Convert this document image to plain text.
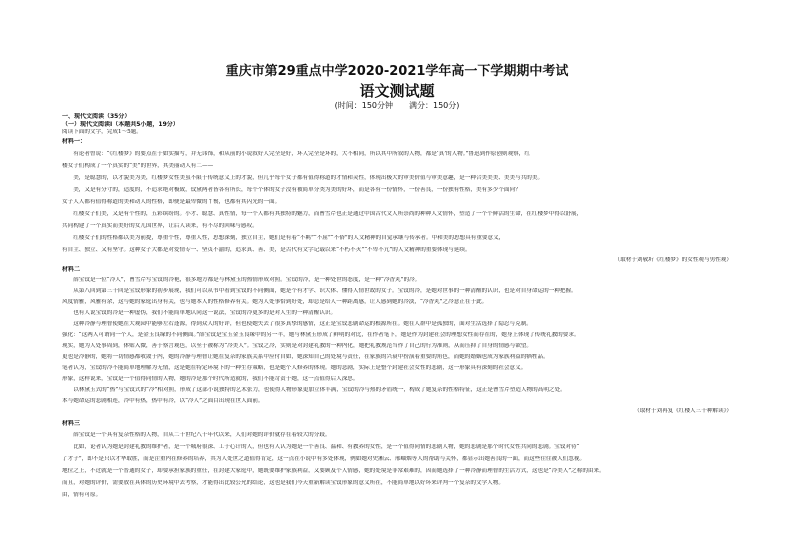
重庆市第29重点中学2020-2021学年高一下学期期中考试
语文测试题
(时间：150分钟　　满分：150分)
一、现代文阅读（35分）
（一）现代文阅读Ⅰ（本题共5小题，19分）
阅读下面的文字，完成1～5题。
材料一：
　　有论者曾说：“《红楼梦》的要点在于如实描写，并无讳饰，和从前的小说叙好人完全是好，坏人完全是坏的，大不相同，所以其中所叙的人物，都是‘真’的人物。”鲁迅到作原创则观察，红
楼女子们构成了一个真实的“美”的世界，其美丽动人有二——
　　美，是聪慧的，以才貌美为美，红楼梦女性美虽不限于传统意义上的才貌，但几乎每个女子都有值得称道的才情和灵性，体现出极大的审美价值与审美意趣，是一种合美美美、美美与共的美。
　　美，又是有分寸的，适度的，不追求绝对极致，钗黛两者皆各有所长，每个个体的女子没有被简单分类为美的好坏，而是各有一份情怀，一份善良，一份独有性格，美有多少个面向？
女子人人都有值得称道的美和动人的性格，即便是最卑微的丫鬟，也都有其闪光的一面。
　　红楼女子们美，又是有个性的，五彩缤纷的。小才、聪慧、真性情，每一个人都有其独特的魅力，而曹雪芹也正是通过中国古代文人所崇尚的种种人文情怀，塑造了一个个鲜活的生命，在红楼梦中得以舒展，
共同构建了一个真实而美好的女儿国世界，让后人读来，有不尽的回味与感叹。
　　红楼女子们的性格都以美为前提，尊重个性，尊重人性，思想深刻，独立自主，她们是有着“不羁”“不屈”“不俗”的人文精神的自觉承继与传承者。中和美的思想具有重要意义，
有自主、独立、又有坚守。这种女子大都是对爱情专一、坚贞不渝的，追求真、善、美，是古代有文字记载以来“不朽不灭”“不卑不亢”的人文精神的重要体现与延续。
（取材于刘敬圻《红楼梦》的女性观与男性观）
材料二
　　薛宝钗是一位“冷人”，曹雪芹写宝钗的冷艳，很多地方都是与林黛玉的热情形成对照。宝钗的冷，是一种处世的态度，是一种“冷香丸”的冷。
　　从第八回到第三十回是宝钗形象的初步展现，我们可以从书中看到宝钗的不同侧面，她是个有才学、识大体、懂得人情世故的女子。宝钗的冷，是她对世事的一种清醒的认识，也是对自身命运的一种把握。
风度情雅，风雅有余，这与她的家庭出身有关，也与她本人的性格修养有关。她为人处事恰到好处，却总是给人一种距离感，让人感到她的冷淡，“冷香丸”之冷意正在于此。
　　也有人说宝钗的冷是一种虚伪，我们不能简单地认同这一说法，宝钗的冷更多的是对人生的一种清醒认识。
　　这种冷静与理智使她在大观园中能够左右逢源，得到众人的好评，但也使她失去了很多真挚的感情，这正是宝钗悲剧命运的根源所在。她在人群中是孤独的，面对生活选择了隐忍与克制。
强化：“这两人可谓同一个人，是金玉良缘的不同侧面。”薛宝钗是宝玉金玉良缘中的另一半，她与林黛玉形成了鲜明的对比，在作者笔下，她是作为封建社会的理想女性而存在的，她身上体现了传统礼教的要求。
现实，她为人处事周到，体贴入微，善于察言观色，以至于被称为“冷美人”。宝钗之冷，实则是对封建礼教的一种内化，她把礼教规范当作了自己的行为准则，从而压抑了自身的情感与欲望。
更也是冷静的，她将一切情感都收敛于内，她的冷静与理智让她在复杂的家族关系中应付自如，她深知自己的处境与责任，在家族的兴衰中扮演着重要的角色，而她的婚姻也成为家族利益的牺牲品。
笔者认为，宝钗的冷不能简单地理解为无情，这是她在特定环境下的一种生存策略，也是她个人修养的体现。她的悲剧，实际上是整个封建社会女性的悲剧，这一形象具有深刻的社会意义。
形象，这样说来，宝钗是一个值得同情的人物，她的冷是那个时代所造就的，我们不能苛责于她，这一点值得后人深思。
　　以林黛玉式的“热”与宝钗式的“冷”相对照，形成了这部小说独特的艺术张力，也使得人物形象更加立体丰满，宝钗的冷与热的矛盾统一，构成了她复杂的性格特征，这正是曹雪芹塑造人物的高明之处。
本与她命运的悲剧相连，冷中有热，热中有冷，以“冷人”之面目出现在世人面前。
（取材于刘再复《红楼人三十种解读》）
材料三
　　薛宝钗是一个具有复杂性格的人物，自从二十世纪八十年代以来，人们对她的评价就存在着较大的分歧。
　　比如，论者认为她是封建礼教的维护者，是一个城府很深、工于心计的人，但也有人认为她是一个善良、温和、有教养的女性，是一个值得同情的悲剧人物，她的悲剧是那个时代女性共同的悲剧。宝钗对待“
了才子”，即不是只以才华取胜，而是注重内在修养的培养，其为人处世之道值得肯定，这一点在小说中有多处体现，例如她对史湘云、邢岫烟等人的帮助与关怀，都显示出她善良的一面，而这些往往被人们忽视。
地位之上，不过就是一个普通的女子，却要承担家族的重任，在封建大家庭中，她既要维护家族利益，又要顾及个人情感，她的处境是非常艰难的，因而她选择了一种冷静而理智的生活方式，这也是“冷美人”之称的由来。
而且，对她的评价，需要放在具体的历史环境中去考察，才能得出比较公允的结论，这也是我们今天重新解读宝钗形象的意义所在，不能简单地以好坏来评判一个复杂的文学人物。
由，情有可原。
